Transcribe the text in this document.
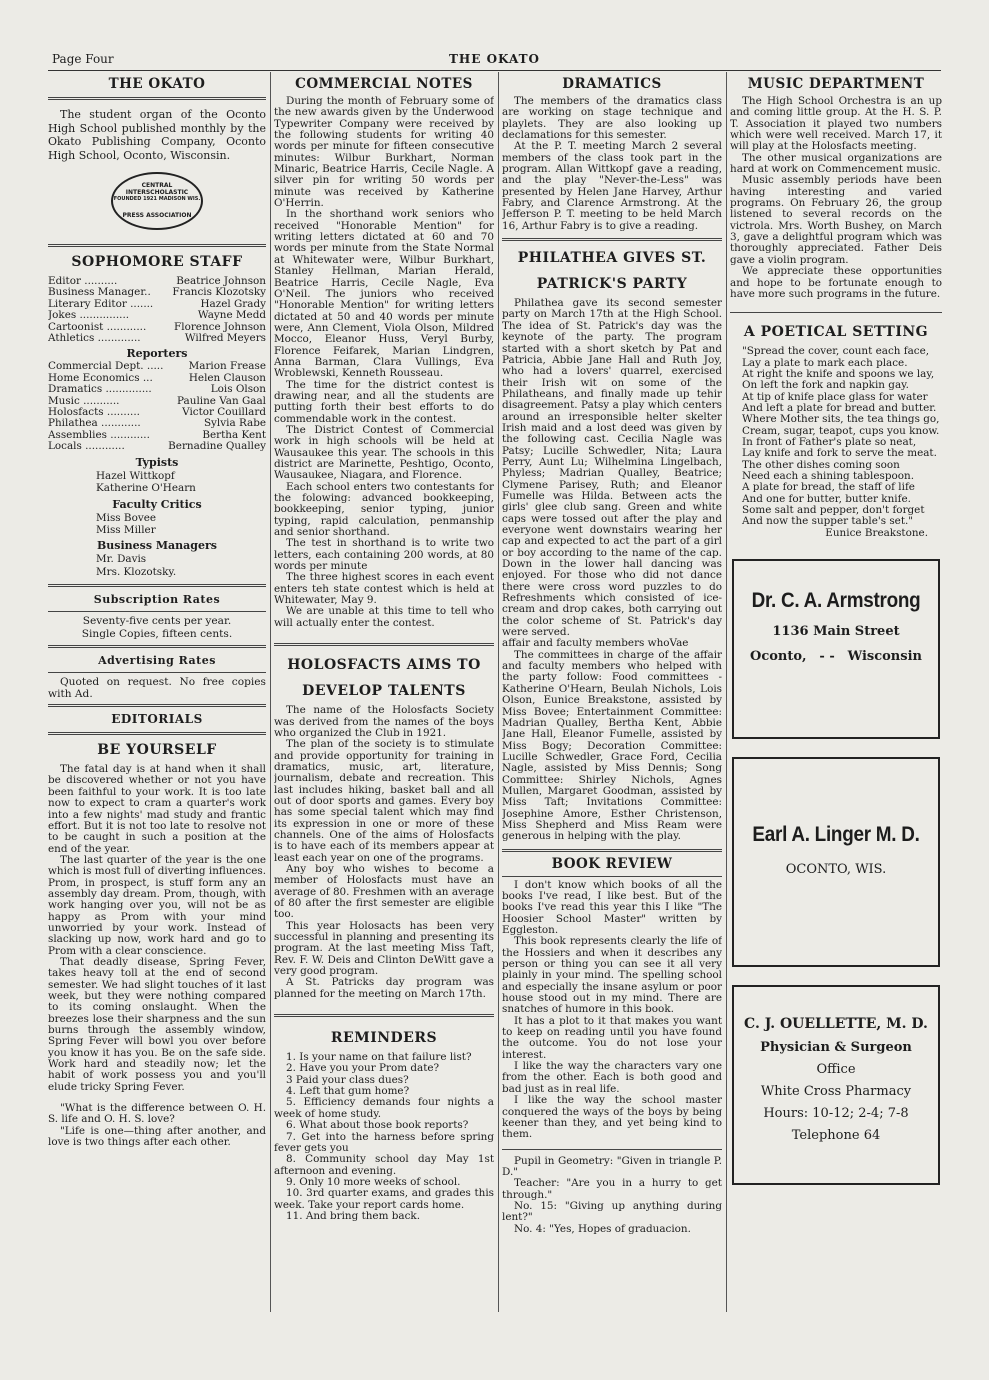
Page Four	THE OKATO
THE OKATO

The student organ of the Oconto High School published monthly by the Okato Publishing Company, Oconto High School, Oconto, Wisconsin.

CENTRAL INTERSCHOLASTIC
FOUNDED 1921 MADISON WIS.
PRESS ASSOCIATION
SOPHOMORE STAFF
Editor ..........	Beatrice Johnson
Business Manager.. Francis Klozotsky
Literary Editor .......	Hazel Grady
Jokes ...............	Wayne Medd
Cartoonist ............	Florence Johnson
Athletics .............	Wilfred Meyers
Reporters
Commercial Dept. ..... Marion Frease
Home Economics ...	Helen Clauson
Dramatics ..............	Lois Olson
Music ...........	Pauline Van Gaal
Holosfacts ..........	Victor Couillard
Philathea ............	Sylvia Rabe
Assemblies ............	Bertha Kent
Locals ............	Bernadine Qualley
Typists
Hazel Wittkopf
Katherine O'Hearn
Faculty Critics
Miss Bovee
Miss Miller
Business Managers
Mr. Davis
Mrs. Klozotsky.
Subscription Rates
Seventy-five cents per year.
Single Copies, fifteen cents.
Advertising Rates

Quoted on request. No free copies with Ad.

EDITORIALS
BE YOURSELF

The fatal day is at hand when it shall be discovered whether or not you have been faithful to your work. It is too late now to expect to cram a quarter's work into a few nights' mad study and frantic effort. But it is not too late to resolve not to be caught in such a position at the end of the year.

The last quarter of the year is the one which is most full of diverting influences. Prom, in prospect, is stuff form any an assembly day dream. Prom, though, with work hanging over you, will not be as happy as Prom with your mind unworried by your work. Instead of slacking up now, work hard and go to Prom with a clear conscience.

That deadly disease, Spring Fever, takes heavy toll at the end of second semester. We had slight touches of it last week, but they were nothing compared to its coming onslaught. When the breezes lose their sharpness and the sun burns through the assembly window, Spring Fever will bowl you over before you know it has you. Be on the safe side. Work hard and steadily now; let the habit of work possess you and you'll elude tricky Spring Fever.

"What is the difference between O. H. S. life and O. H. S. love?

"Life is one—thing after another, and love is two things after each other.

COMMERCIAL NOTES

During the month of February some of the new awards given by the Underwood Typewriter Company were received by the following students for writing 40 words per minute for fifteen consecutive minutes: Wilbur Burkhart, Norman Minaric, Beatrice Harris, Cecile Nagle. A silver pin for writing 50 words per minute was received by Katherine O'Herrin.

In the shorthand work seniors who received "Honorable Mention" for writing letters dictated at 60 and 70 words per minute from the State Normal at Whitewater were, Wilbur Burkhart, Stanley Hellman, Marian Herald, Beatrice Harris, Cecile Nagle, Eva O'Neil. The juniors who received "Honorable Mention" for writing letters dictated at 50 and 40 words per minute were, Ann Clement, Viola Olson, Mildred Mocco, Eleanor Huss, Veryl Burby, Florence Feifarek, Marian Lindgren, Anna Barman, Clara Vullings, Eva Wroblewski, Kenneth Rousseau.

The time for the district contest is drawing near, and all the students are putting forth their best efforts to do commendable work in the contest.

The District Contest of Commercial work in high schools will be held at Wausaukee this year. The schools in this district are Marinette, Peshtigo, Oconto, Wausaukee, Niagara, and Florence.

Each school enters two contestants for the folowing: advanced bookkeeping, bookkeeping, senior typing, junior typing, rapid calculation, penmanship and senior shorthand.

The test in shorthand is to write two letters, each containing 200 words, at 80 words per minute

The three highest scores in each event enters teh state contest which is held at Whitewater, May 9.

We are unable at this time to tell who will actually enter the contest.

HOLOSFACTS AIMS TO
DEVELOP TALENTS

The name of the Holosfacts Society was derived from the names of the boys who organized the Club in 1921.

The plan of the society is to stimulate and provide opportunity for training in dramatics, music, art, literature, journalism, debate and recreation. This last includes hiking, basket ball and all out of door sports and games. Every boy has some special talent which may find its expression in one or more of these channels. One of the aims of Holosfacts is to have each of its members appear at least each year on one of the programs.

Any boy who wishes to become a member of Holosfacts must have an average of 80. Freshmen with an average of 80 after the first semester are eligible too.

This year Holosacts has been very successful in planning and presenting its program. At the last meeting Miss Taft, Rev. F. W. Deis and Clinton DeWitt gave a very good program.

A St. Patricks day program was planned for the meeting on March 17th.

REMINDERS

1. Is your name on that failure list?

2. Have you your Prom date?

3 Paid your class dues?

4. Left that gum home?

5. Efficiency demands four nights a week of home study.

6. What about those book reports?

7. Get into the harness before spring fever gets you

8. Community school day May 1st afternoon and evening.

9. Only 10 more weeks of school.

10. 3rd quarter exams, and grades this week. Take your report cards home.

11. And bring them back.

DRAMATICS

The members of the dramatics class are working on stage technique and playlets. They are also looking up declamations for this semester.

At the P. T. meeting March 2 several members of the class took part in the program. Allan Wittkopf gave a reading, and the play "Never-the-Less" was presented by Helen Jane Harvey, Arthur Fabry, and Clarence Armstrong. At the Jefferson P. T. meeting to be held March 16, Arthur Fabry is to give a reading.

PHILATHEA GIVES ST.
PATRICK'S PARTY

Philathea gave its second semester party on March 17th at the High School. The idea of St. Patrick's day was the keynote of the party. The program started with a short sketch by Pat and Patricia, Abbie Jane Hall and Ruth Joy, who had a lovers' quarrel, exercised their Irish wit on some of the Philatheans, and finally made up tehir disagreement. Patsy a play which centers around an irresponsible helter skelter Irish maid and a lost deed was given by the following cast. Cecilia Nagle was Patsy; Lucille Schwedler, Nita; Laura Perry, Aunt Lu; Wilhelmina Lingelbach, Phyless; Madrian Qualley, Beatrice; Clymene Parisey, Ruth; and Eleanor Fumelle was Hilda. Between acts the girls' glee club sang. Green and white caps were tossed out after the play and everyone went downstairs wearing her cap and expected to act the part of a girl or boy according to the name of the cap. Down in the lower hall dancing was enjoyed. For those who did not dance there were cross word puzzles to do Refreshments which consisted of ice-cream and drop cakes, both carrying out the color scheme of St. Patrick's day were served.

affair and faculty members whoVae

The committees in charge of the affair and faculty members who helped with the party follow: Food committees -Katherine O'Hearn, Beulah Nichols, Lois Olson, Eunice Breakstone, assisted by Miss Bovee; Entertainment Committee: Madrian Qualley, Bertha Kent, Abbie Jane Hall, Eleanor Fumelle, assisted by Miss Bogy; Decoration Committee: Lucille Schwedler, Grace Ford, Cecilia Nagle, assisted by Miss Dennis; Song Committee: Shirley Nichols, Agnes Mullen, Margaret Goodman, assisted by Miss Taft; Invitations Committee: Josephine Amore, Esther Christenson, Miss Shepherd and Miss Ream were generous in helping with the play.

BOOK REVIEW

I don't know which books of all the books I've read, I like best. But of the books I've read this year this I like "The Hoosier School Master" written by Eggleston.

This book represents clearly the life of the Hossiers and when it describes any person or thing you can see it all very plainly in your mind. The spelling school and especially the insane asylum or poor house stood out in my mind. There are snatches of humore in this book.

It has a plot to it that makes you want to keep on reading until you have found the outcome. You do not lose your interest.

I like the way the characters vary one from the other. Each is both good and bad just as in real life.

I like the way the school master conquered the ways of the boys by being keener than they, and yet being kind to them.

Pupil in Geometry: "Given in triangle P. D."

Teacher: "Are you in a hurry to get through."

No. 15: "Giving up anything during lent?"

No. 4: "Yes, Hopes of graduacion.

MUSIC DEPARTMENT

The High School Orchestra is an up and coming little group. At the H. S. P. T. Association it played two numbers which were well received. March 17, it will play at the Holosfacts meeting.

The other musical organizations are hard at work on Commencement music.

Music assembly periods have been having interesting and varied programs. On February 26, the group listened to several records on the victrola. Mrs. Worth Bushey, on March 3, gave a delightful program which was thoroughly appreciated. Father Deis gave a violin program.

We appreciate these opportunities and hope to be fortunate enough to have more such programs in the future.

A POETICAL SETTING

"Spread the cover, count each face,

Lay a plate to mark each place.

At right the knife and spoons we lay,

On left the fork and napkin gay.

At tip of knife place glass for water

And left a plate for bread and butter.

Where Mother sits, the tea things go,

Cream, sugar, teapot, cups you know.

In front of Father's plate so neat,

Lay knife and fork to serve the meat.

The other dishes coming soon

Need each a shining tablespoon.

A plate for bread, the staff of life

And one for butter, butter knife.

Some salt and pepper, don't forget

And now the supper table's set."

Eunice Breakstone.

Dr. C. A. Armstrong
1136 Main Street
Oconto, - - Wisconsin
Earl A. Linger M. D.
OCONTO, WIS.
C. J. OUELLETTE, M. D.
Physician & Surgeon
Office
White Cross Pharmacy
Hours: 10-12; 2-4; 7-8
Telephone 64
